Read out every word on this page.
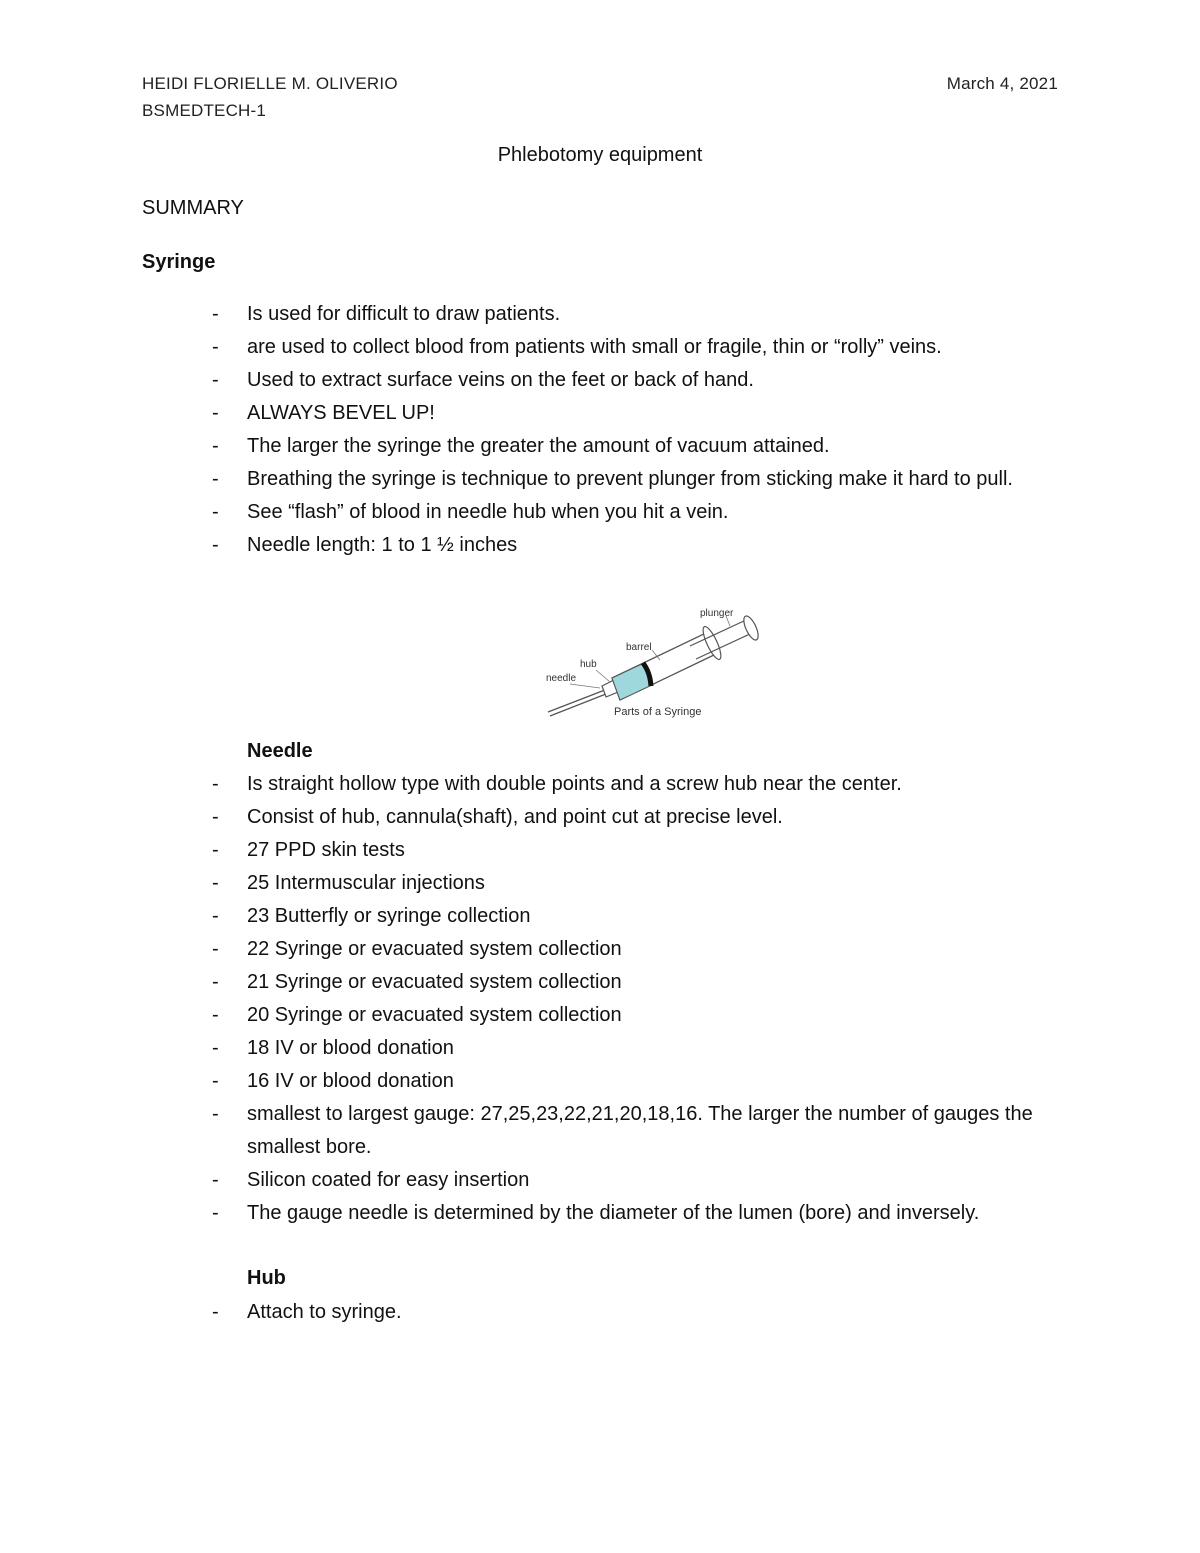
HEIDI FLORIELLE M. OLIVERIO
BSMEDTECH-1
March 4, 2021
Phlebotomy equipment
SUMMARY
Syringe
- Is used for difficult to draw patients.
- are used to collect blood from patients with small or fragile, thin or “rolly” veins.
- Used to extract surface veins on the feet or back of hand.
- ALWAYS BEVEL UP!
- The larger the syringe the greater the amount of vacuum attained.
- Breathing the syringe is technique to prevent plunger from sticking make it hard to pull.
- See “flash” of blood in needle hub when you hit a vein.
- Needle length: 1 to 1 ½ inches
needle
hub
barrel
plunger
Parts of a Syringe
Needle
- Is straight hollow type with double points and a screw hub near the center.
- Consist of hub, cannula(shaft), and point cut at precise level.
- 27 PPD skin tests
- 25 Intermuscular injections
- 23 Butterfly or syringe collection
- 22 Syringe or evacuated system collection
- 21 Syringe or evacuated system collection
- 20 Syringe or evacuated system collection
- 18 IV or blood donation
- 16 IV or blood donation
- smallest to largest gauge: 27,25,23,22,21,20,18,16. The larger the number of gauges the smallest bore.
- Silicon coated for easy insertion
- The gauge needle is determined by the diameter of the lumen (bore) and inversely.
Hub
- Attach to syringe.
